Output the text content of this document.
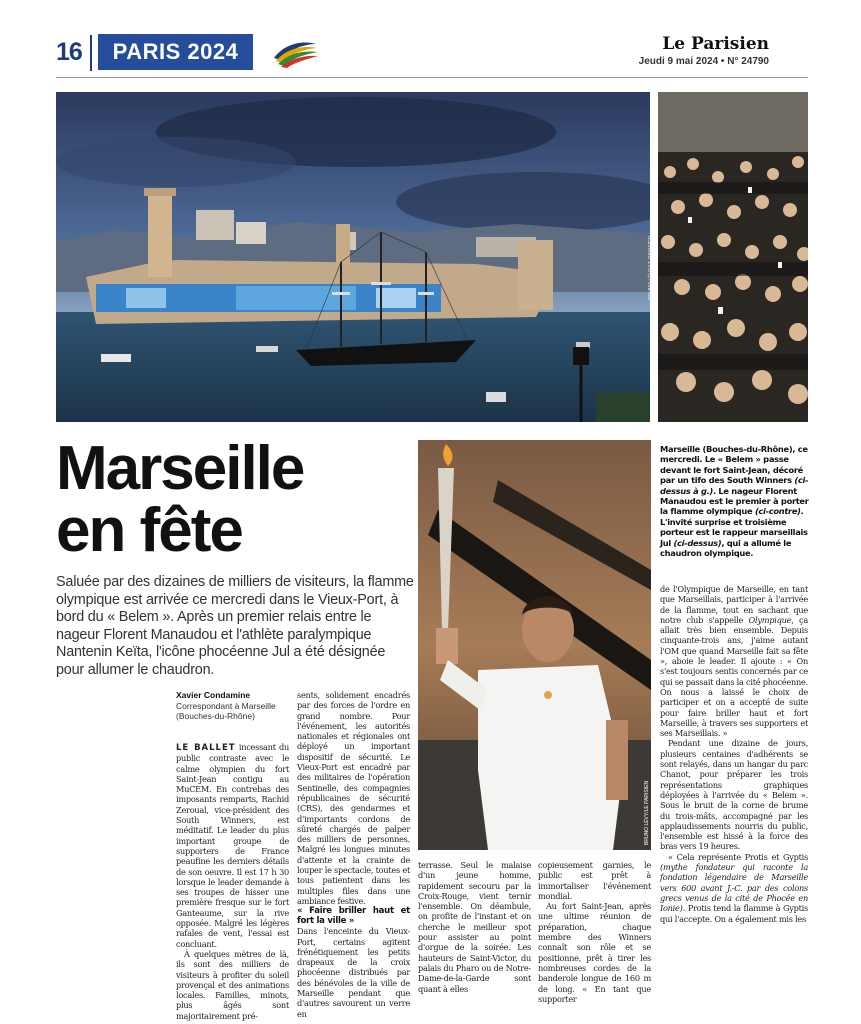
16	PARIS 2024	Le Parisien
Jeudi 9 mai 2024 • N° 24790
BRUNO LÉVY/LE PARISIEN
Marseille
en fête
Saluée par des dizaines de milliers de visiteurs, la flamme olympique est arrivée ce mercredi dans le Vieux-Port, à bord du « Belem ». Après un premier relais entre le nageur Florent Manaudou et l'athlète paralympique Nantenin Keïta, l'icône phocéenne Jul a été désignée pour allumer le chaudron.
BRUNO LÉVY/LE PARISIEN
Marseille (Bouches-du-Rhône), ce mercredi. Le « Belem » passe devant le fort Saint-Jean, décoré par un tifo des South Winners (ci-dessus à g.). Le nageur Florent Manaudou est le premier à porter la flamme olympique (ci-contre). L'invité surprise et troisième porteur est le rappeur marseillais Jul (ci-dessus), qui a allumé le chaudron olympique.
Xavier Condamine
Correspondant à Marseille (Bouches-du-Rhône)

LE BALLET incessant du public contraste avec le calme olympien du fort Saint-Jean contigu au MuCEM. En contrebas des imposants remparts, Rachid Zeroual, vice-président des South Winners, est méditatif. Le leader du plus important groupe de supporters de France peaufine les derniers détails de son oeuvre. Il est 17 h 30 lorsque le leader demande à ses troupes de hisser une première fresque sur le fort Ganteaume, sur la rive opposée. Malgré les légères rafales de vent, l'essai est concluant.

À quelques mètres de là, ils sont des milliers de visiteurs à profiter du soleil provençal et des animations locales. Familles, minots, plus âgés sont majoritairement pré-

sents, solidement encadrés par des forces de l'ordre en grand nombre. Pour l'événement, les autorités nationales et régionales ont déployé un important dispositif de sécurité. Le Vieux-Port est encadré par des militaires de l'opération Sentinelle, des compagnies républicaines de sécurité (CRS), des gendarmes et d'importants cordons de sûreté chargés de palper des milliers de personnes. Malgré les longues minutes d'attente et la crainte de louper le spectacle, toutes et tous patientent dans les multiples files dans une ambiance festive.

« Faire briller haut et fort la ville »

Dans l'enceinte du Vieux-Port, certains agitent frénétiquement les petits drapeaux de la croix phocéenne distribués par des bénévoles de la ville de Marseille pendant que d'autres savourent un verre en

terrasse. Seul le malaise d'un jeune homme, rapidement secouru par la Croix-Rouge, vient ternir l'ensemble. On déambule, on profite de l'instant et on cherche le meilleur spot pour assister au point d'orgue de la soirée. Les hauteurs de Saint-Victor, du palais du Pharo ou de Notre-Dame-de-la-Garde sont quant à elles

copieusement garnies, le public est prêt à immortaliser l'événement mondial.

Au fort Saint-Jean, après une ultime réunion de préparation, chaque membre des Winners connaît son rôle et se positionne, prêt à tirer les nombreuses cordes de la banderole longue de 160 m de long. « En tant que supporter

de l'Olympique de Marseille, en tant que Marseillais, participer à l'arrivée de la flamme, tout en sachant que notre club s'appelle Olympique, ça allait très bien ensemble. Depuis cinquante-trois ans, j'aime autant l'OM que quand Marseille fait sa fête », aboie le leader. Il ajoute : « On s'est toujours sentis concernés par ce qui se passait dans la cité phocéenne. On nous a laissé le choix de participer et on a accepté de suite pour faire briller haut et fort Marseille, à travers ses supporters et ses Marseillais. »

Pendant une dizaine de jours, plusieurs centaines d'adhérents se sont relayés, dans un hangar du parc Chanot, pour préparer les trois représentations graphiques déployées à l'arrivée du « Belem ». Sous le bruit de la corne de brume du trois-mâts, accompagné par les applaudissements nourris du public, l'ensemble est hissé à la force des bras vers 19 heures.

« Cela représente Protis et Gyptis (mythe fondateur qui raconte la fondation légendaire de Marseille vers 600 avant J.-C. par des colons grecs venus de la cité de Phocée en Ionie). Protis tend la flamme à Gyptis qui l'accepte. On a également mis les
